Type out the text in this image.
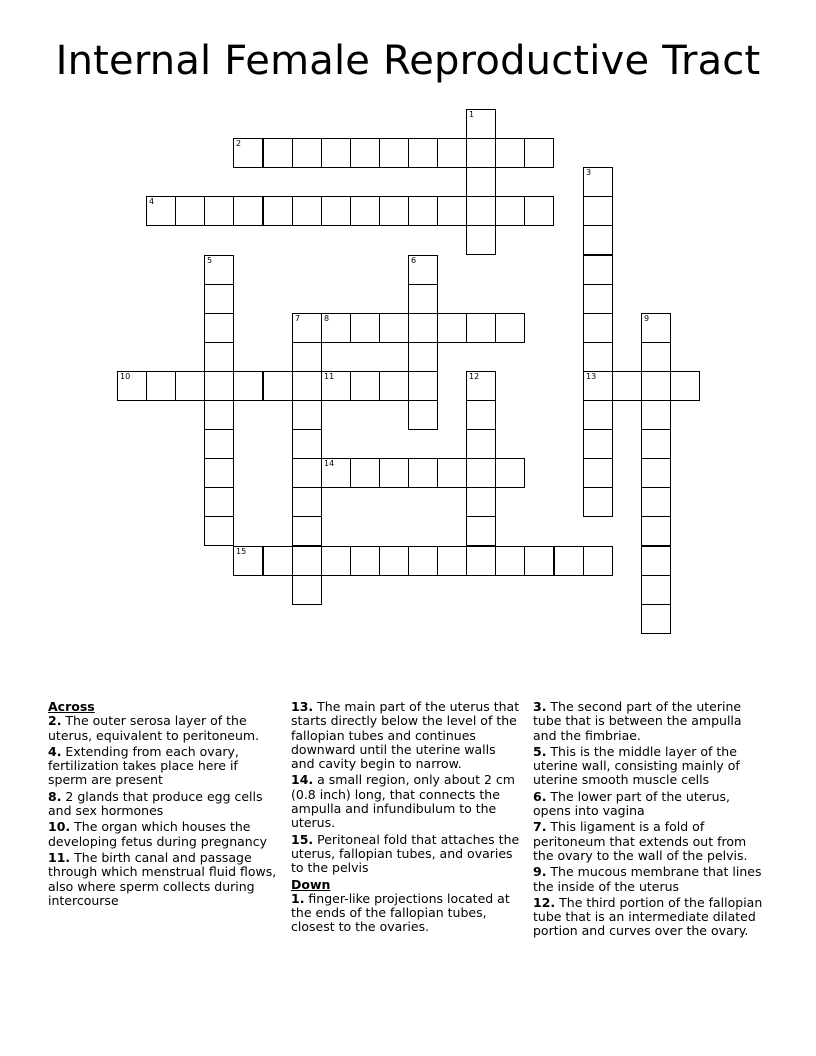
Internal Female Reproductive Tract
1
2
3
13
4
5	6
7	8	9
10	11	12
14
15
Across
2. The outer serosa layer of the uterus, equivalent to peritoneum.
4. Extending from each ovary, fertilization takes place here if sperm are present
8. 2 glands that produce egg cells and sex hormones
10. The organ which houses the developing fetus during pregnancy
11. The birth canal and passage through which menstrual fluid flows, also where sperm collects during intercourse
13. The main part of the uterus that starts directly below the level of the fallopian tubes and continues downward until the uterine walls and cavity begin to narrow.
14. a small region, only about 2 cm (0.8 inch) long, that connects the ampulla and infundibulum to the uterus.
15. Peritoneal fold that attaches the uterus, fallopian tubes, and ovaries to the pelvis
Down
1. finger-like projections located at the ends of the fallopian tubes, closest to the ovaries.
3. The second part of the uterine tube that is between the ampulla and the fimbriae.
5. This is the middle layer of the uterine wall, consisting mainly of uterine smooth muscle cells
6. The lower part of the uterus, opens into vagina
7. This ligament is a fold of peritoneum that extends out from the ovary to the wall of the pelvis.
9. The mucous membrane that lines the inside of the uterus
12. The third portion of the fallopian tube that is an intermediate dilated portion and curves over the ovary.
